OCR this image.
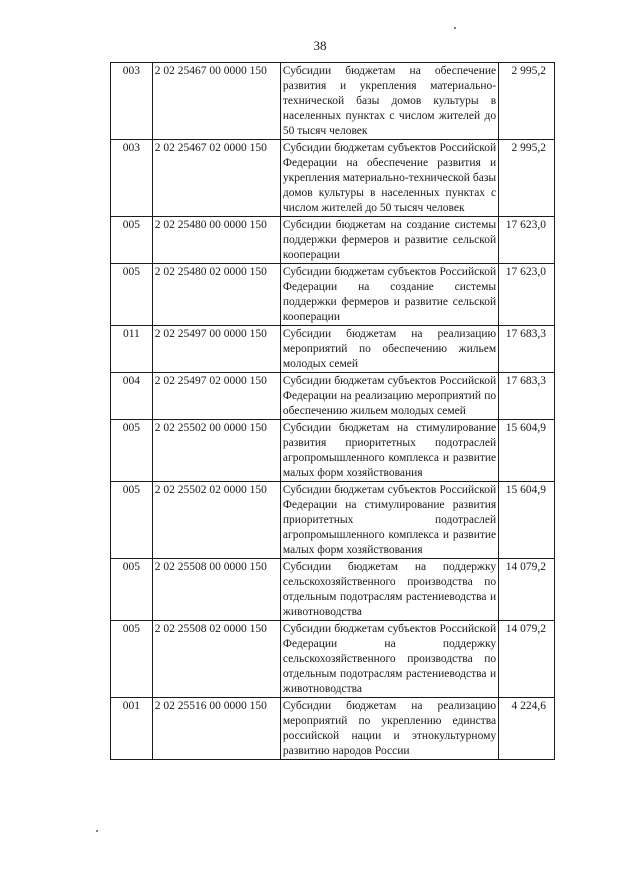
38
003	2 02 25467 00 0000 150	Субсидии бюджетам на обеспечение развития и укрепления материально-технической базы домов культуры в населенных пунктах с числом жителей до 50 тысяч человек	2 995,2
003	2 02 25467 02 0000 150	Субсидии бюджетам субъектов Российской Федерации на обеспечение развития и укрепления материально-технической базы домов культуры в населенных пунктах с числом жителей до 50 тысяч человек	2 995,2
005	2 02 25480 00 0000 150	Субсидии бюджетам на создание системы поддержки фермеров и развитие сельской кооперации	17 623,0
005	2 02 25480 02 0000 150	Субсидии бюджетам субъектов Российской Федерации на создание системы поддержки фермеров и развитие сельской кооперации	17 623,0
011	2 02 25497 00 0000 150	Субсидии бюджетам на реализацию мероприятий по обеспечению жильем молодых семей	17 683,3
004	2 02 25497 02 0000 150	Субсидии бюджетам субъектов Российской Федерации на реализацию мероприятий по обеспечению жильем молодых семей	17 683,3
005	2 02 25502 00 0000 150	Субсидии бюджетам на стимулирование развития приоритетных подотраслей агропромышленного комплекса и развитие малых форм хозяйствования	15 604,9
005	2 02 25502 02 0000 150	Субсидии бюджетам субъектов Российской Федерации на стимулирование развития приоритетных подотраслей агропромышленного комплекса и развитие малых форм хозяйствования	15 604,9
005	2 02 25508 00 0000 150	Субсидии бюджетам на поддержку сельскохозяйственного производства по отдельным подотраслям растениеводства и животноводства	14 079,2
005	2 02 25508 02 0000 150	Субсидии бюджетам субъектов Российской Федерации на поддержку сельскохозяйственного производства по отдельным подотраслям растениеводства и животноводства	14 079,2
001	2 02 25516 00 0000 150	Субсидии бюджетам на реализацию мероприятий по укреплению единства российской нации и этнокультурному развитию народов России	4 224,6
